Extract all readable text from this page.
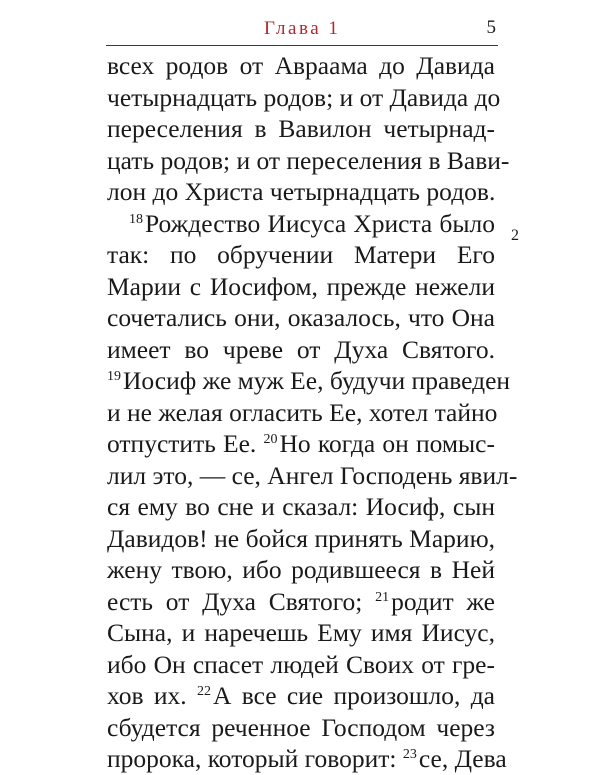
Глава 1	5
всех родов от Авраама до Давида
четырнадцать родов; и от Давида до
переселения в Вавилон четырнад-
цать родов; и от переселения в Вави-
лон до Христа четырнадцать родов.
$^{18}$Рождество Иисуса Христа было
так: по обручении Матери Его
Марии с Иосифом, прежде нежели
сочетались они, оказалось, что Она
имеет во чреве от Духа Святого.
$^{19}$Иосиф же муж Ее, будучи праведен
и не желая огласить Ее, хотел тайно
отпустить Ее. $^{20}$Но когда он помыс-
лил это, — се, Ангел Господень явил-
ся ему во сне и сказал: Иосиф, сын
Давидов! не бойся принять Марию,
жену твою, ибо родившееся в Ней
есть от Духа Святого; $^{21}$родит же
Сына, и наречешь Ему имя Иисус,
ибо Он спасет людей Своих от гре-
хов их. $^{22}$А все сие произошло, да
сбудется реченное Господом через
пророка, который говорит: $^{23}$се, Дева
2
